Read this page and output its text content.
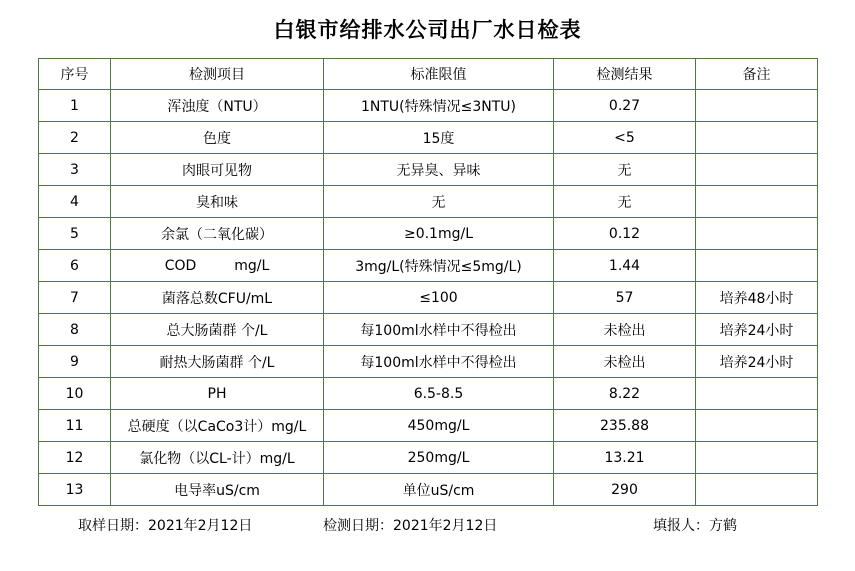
白银市给排水公司出厂水日检表
序号	检测项目	标准限值	检测结果	备注
1	浑浊度（NTU）	1NTU(特殊情况≤3NTU)	0.27	
2	色度	15度	<5	
3	肉眼可见物	无异臭、异味	无	
4	臭和味	无	无	
5	余氯（二氧化碳）	≥0.1mg/L	0.12	
6	COD mg/L	3mg/L(特殊情况≤5mg/L)	1.44	
7	菌落总数CFU/mL	≤100	57	培养48小时
8	总大肠菌群 个/L	每100ml水样中不得检出	未检出	培养24小时
9	耐热大肠菌群 个/L	每100ml水样中不得检出	未检出	培养24小时
10	PH	6.5-8.5	8.22	
11	总硬度（以CaCo3计）mg/L	450mg/L	235.88	
12	氯化物（以CL-计）mg/L	250mg/L	13.21	
13	电导率uS/cm	单位uS/cm	290	
取样日期：2021年2月12日	检测日期：2021年2月12日	填报人：方鹤
